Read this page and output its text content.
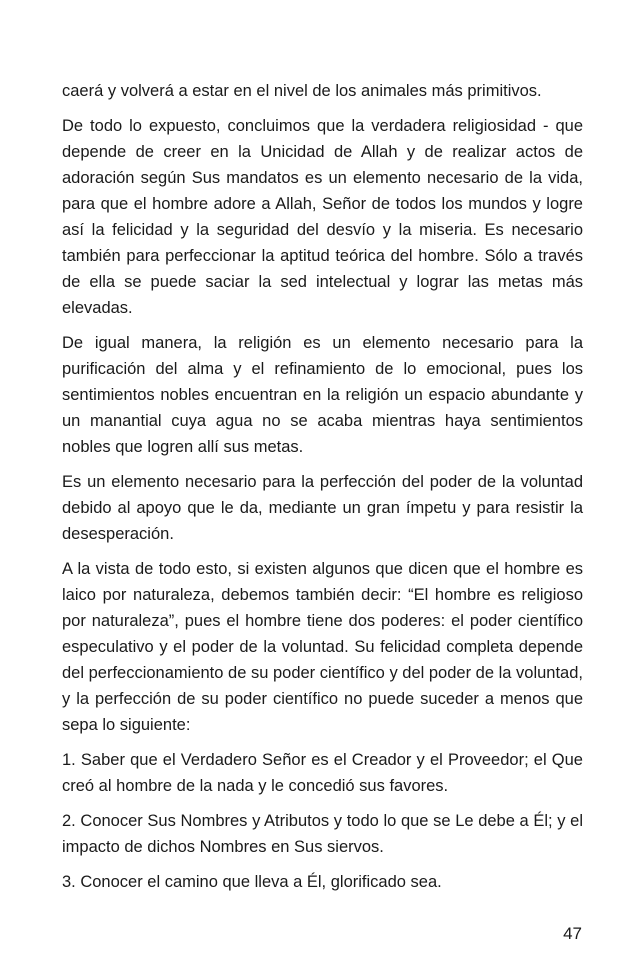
caerá y volverá a estar en el nivel de los animales más primitivos.

De todo lo expuesto, concluimos que la verdadera religiosidad - que depende de creer en la Unicidad de Allah y de realizar actos de adoración según Sus mandatos es un elemento necesario de la vida, para que el hombre adore a Allah, Señor de todos los mundos y logre así la felicidad y la seguridad del desvío y la miseria. Es necesario también para perfeccionar la aptitud teórica del hombre. Sólo a través de ella se puede saciar la sed intelectual y lograr las metas más elevadas.

De igual manera, la religión es un elemento necesario para la purificación del alma y el refinamiento de lo emocional, pues los sentimientos nobles encuentran en la religión un espacio abundante y un manantial cuya agua no se acaba mientras haya sentimientos nobles que logren allí sus metas.

Es un elemento necesario para la perfección del poder de la voluntad debido al apoyo que le da, mediante un gran ímpetu y para resistir la desesperación.

A la vista de todo esto, si existen algunos que dicen que el hombre es laico por naturaleza, debemos también decir: “El hombre es religioso por naturaleza”, pues el hombre tiene dos poderes: el poder científico especulativo y el poder de la voluntad. Su felicidad completa depende del perfeccionamiento de su poder científico y del poder de la voluntad, y la perfección de su poder científico no puede suceder a menos que sepa lo siguiente:

1. Saber que el Verdadero Señor es el Creador y el Proveedor; el Que creó al hombre de la nada y le concedió sus favores.

2. Conocer Sus Nombres y Atributos y todo lo que se Le debe a Él; y el impacto de dichos Nombres en Sus siervos.

3. Conocer el camino que lleva a Él, glorificado sea.

47
